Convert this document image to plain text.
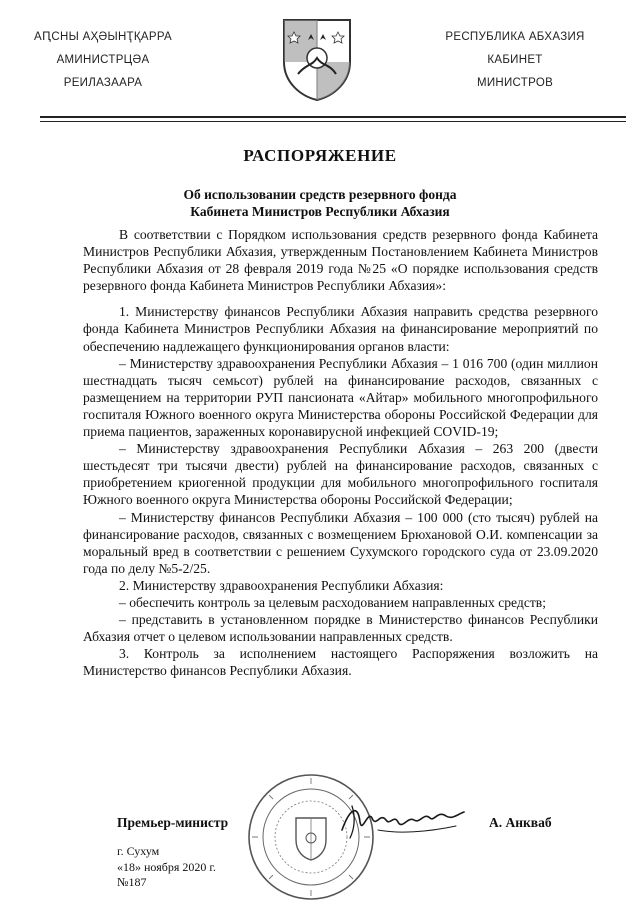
АԤСНЫ АҲӘЫНҬҚАРРА
АМИНИСТРЦӘА
РЕИЛАЗААРА
РЕСПУБЛИКА АБХАЗИЯ
КАБИНЕТ
МИНИСТРОВ
РАСПОРЯЖЕНИЕ
Об использовании средств резервного фонда
Кабинета Министров Республики Абхазия

В соответствии с Порядком использования средств резервного фонда Кабинета Министров Республики Абхазия, утвержденным Постановлением Кабинета Министров Республики Абхазия от 28 февраля 2019 года №25 «О порядке использования средств резервного фонда Кабинета Министров Республики Абхазия»:

1. Министерству финансов Республики Абхазия направить средства резервного фонда Кабинета Министров Республики Абхазия на финансирование мероприятий по обеспечению надлежащего функционирования органов власти:

– Министерству здравоохранения Республики Абхазия – 1 016 700 (один миллион шестнадцать тысяч семьсот) рублей на финансирование расходов, связанных с размещением на территории РУП пансионата «Айтар» мобильного многопрофильного госпиталя Южного военного округа Министерства обороны Российской Федерации для приема пациентов, зараженных коронавирусной инфекцией COVID-19;

– Министерству здравоохранения Республики Абхазия – 263 200 (двести шестьдесят три тысячи двести) рублей на финансирование расходов, связанных с приобретением криогенной продукции для мобильного многопрофильного госпиталя Южного военного округа Министерства обороны Российской Федерации;

– Министерству финансов Республики Абхазия – 100 000 (сто тысяч) рублей на финансирование расходов, связанных с возмещением Брюхановой О.И. компенсации за моральный вред в соответствии с решением Сухумского городского суда от 23.09.2020 года по делу №5-2/25.

2. Министерству здравоохранения Республики Абхазия:

– обеспечить контроль за целевым расходованием направленных средств;

– представить в установленном порядке в Министерство финансов Республики Абхазия отчет о целевом использовании направленных средств.

3. Контроль за исполнением настоящего Распоряжения возложить на Министерство финансов Республики Абхазия.

Премьер-министр	А. Анкваб
г. Сухум
«18» ноября 2020 г.
№187
